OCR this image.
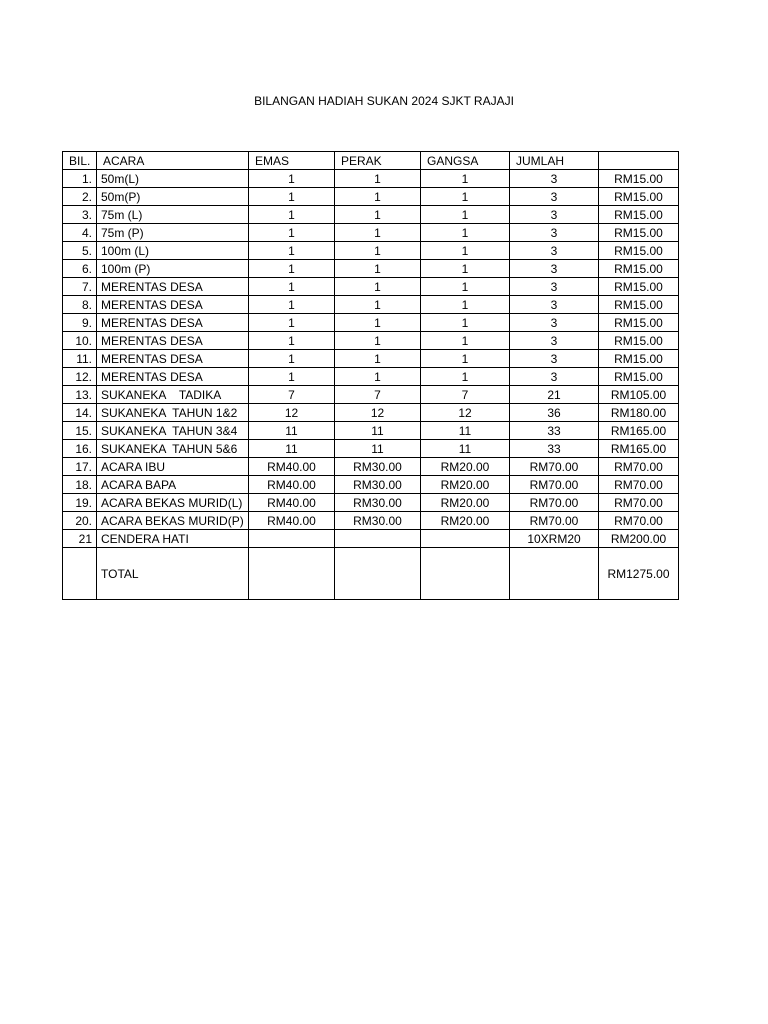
BILANGAN HADIAH SUKAN 2024 SJKT RAJAJI
BIL.	ACARA	EMAS	PERAK	GANGSA	JUMLAH	
1.	50m(L)	1	1	1	3	RM15.00
2.	50m(P)	1	1	1	3	RM15.00
3.	75m (L)	1	1	1	3	RM15.00
4.	75m (P)	1	1	1	3	RM15.00
5.	100m (L)	1	1	1	3	RM15.00
6.	100m (P)	1	1	1	3	RM15.00
7.	MERENTAS DESA	1	1	1	3	RM15.00
8.	MERENTAS DESA	1	1	1	3	RM15.00
9.	MERENTAS DESA	1	1	1	3	RM15.00
10.	MERENTAS DESA	1	1	1	3	RM15.00
11.	MERENTAS DESA	1	1	1	3	RM15.00
12.	MERENTAS DESA	1	1	1	3	RM15.00
13.	SUKANEKA    TADIKA	7	7	7	21	RM105.00
14.	SUKANEKA  TAHUN 1&2	12	12	12	36	RM180.00
15.	SUKANEKA  TAHUN 3&4	11	11	11	33	RM165.00
16.	SUKANEKA  TAHUN 5&6	11	11	11	33	RM165.00
17.	ACARA IBU	RM40.00	RM30.00	RM20.00	RM70.00	RM70.00
18.	ACARA BAPA	RM40.00	RM30.00	RM20.00	RM70.00	RM70.00
19.	ACARA BEKAS MURID(L)	RM40.00	RM30.00	RM20.00	RM70.00	RM70.00
20.	ACARA BEKAS MURID(P)	RM40.00	RM30.00	RM20.00	RM70.00	RM70.00
21	CENDERA HATI				10XRM20	RM200.00
	TOTAL					RM1275.00
